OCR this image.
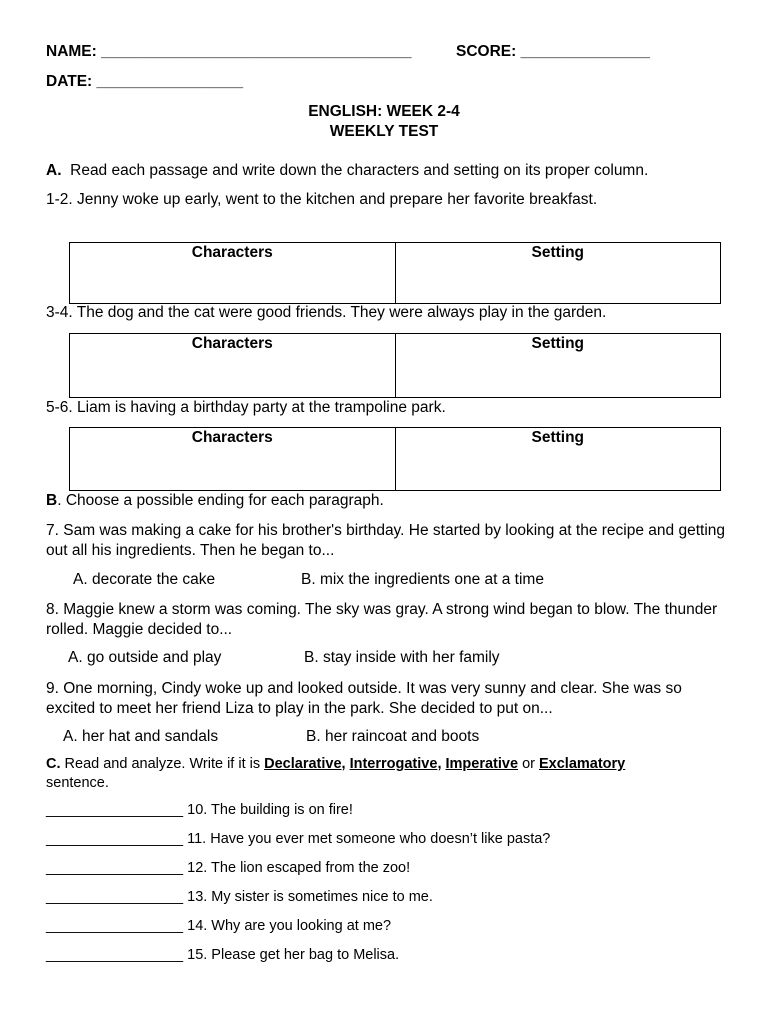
NAME: ____________________________________	SCORE: _______________
DATE: _________________
ENGLISH: WEEK 2-4
WEEKLY TEST
A. Read each passage and write down the characters and setting on its proper column.
1-2. Jenny woke up early, went to the kitchen and prepare her favorite breakfast.
Characters	Setting
3-4. The dog and the cat were good friends. They were always play in the garden.
Characters	Setting
5-6. Liam is having a birthday party at the trampoline park.
Characters	Setting
B. Choose a possible ending for each paragraph.
7. Sam was making a cake for his brother's birthday. He started by looking at the recipe and getting out all his ingredients. Then he began to...
A. decorate the cake	B. mix the ingredients one at a time
8. Maggie knew a storm was coming. The sky was gray. A strong wind began to blow. The thunder rolled. Maggie decided to...
A. go outside and play	B. stay inside with her family
9. One morning, Cindy woke up and looked outside. It was very sunny and clear. She was so excited to meet her friend Liza to play in the park. She decided to put on...
A. her hat and sandals	B. her raincoat and boots
C. Read and analyze. Write if it is Declarative, Interrogative, Imperative or Exclamatory
sentence.
_________________ 10. The building is on fire!
_________________ 11. Have you ever met someone who doesn’t like pasta?
_________________ 12. The lion escaped from the zoo!
_________________ 13. My sister is sometimes nice to me.
_________________ 14. Why are you looking at me?
_________________ 15. Please get her bag to Melisa.
